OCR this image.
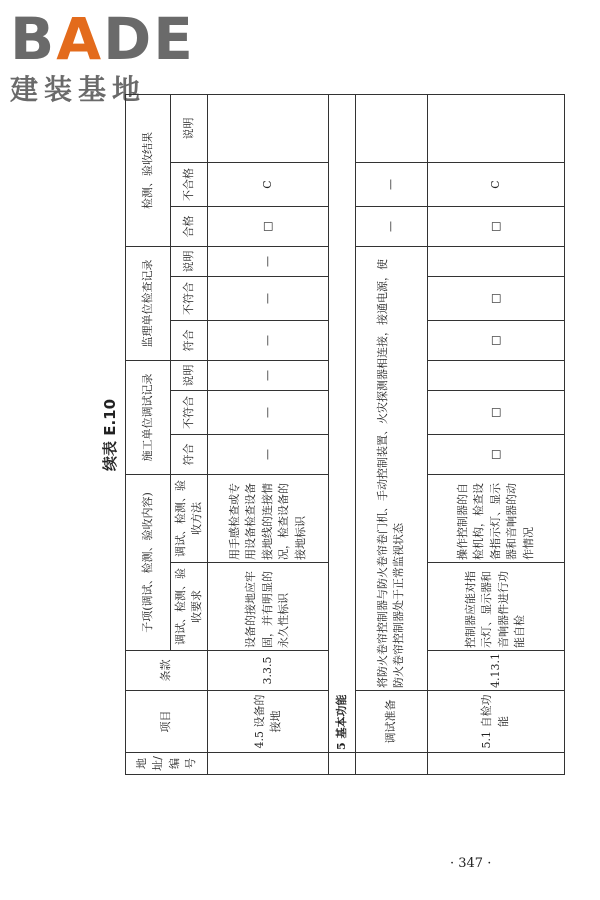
BADE
建装基地
续表 E.10
地址/编号	项目	条款	子项(调试、检测、验收内容)		施工单位调试记录			监理单位检查记录			检测、验收结果		
			调试、检测、验收要求	调试、检测、验收方法	符合	不符合	说明	符合	不符合	说明	合格	不合格	说明
	4.5 设备的接地	3.3.5	设备的接地应牢固，并有明显的永久性标识	用手感检查或专用设备检查设备接地线的连接情况，检查设备的接地标识	—	—	—	—	—	—	□	C	
	5 基本功能												
	调试准备	将防火卷帘控制器与防火卷帘卷门机、手动控制装置、火灾探测器相连接，接通电源，使防火卷帘控制器处于正常监视状态									—	—	
	5.1 自检功能	4.13.1	控制器应能对指示灯、显示器和音响器件进行功能自检	操作控制器的自检机构，检查设备指示灯、显示器和音响器的动作情况	□	□		□	□		□	C	
· 347 ·
